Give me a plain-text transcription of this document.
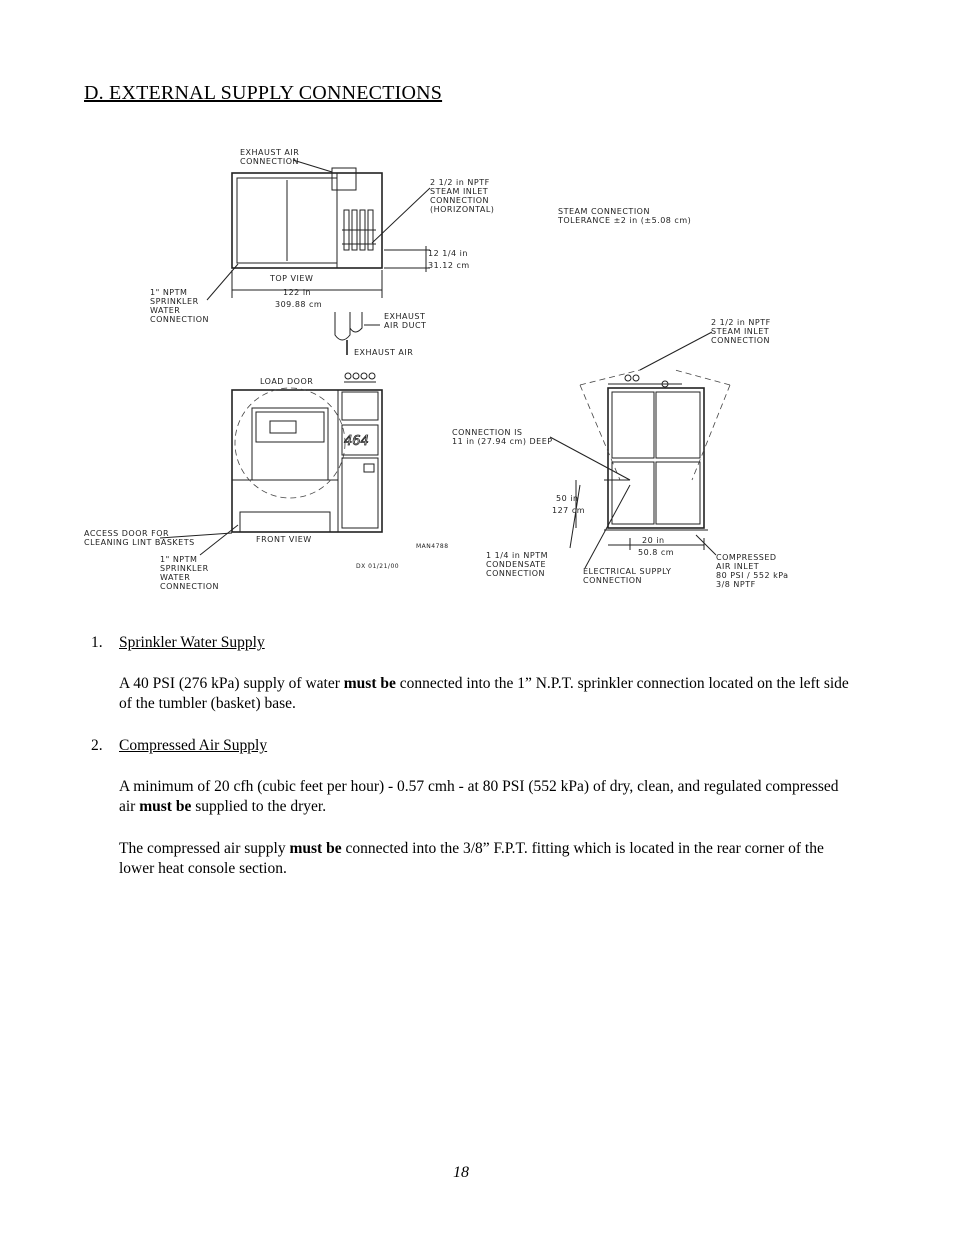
D. EXTERNAL SUPPLY CONNECTIONS
EXHAUST AIR CONNECTION
2 1/2 in NPTF STEAM INLET CONNECTION (HORIZONTAL)	STEAM CONNECTION TOLERANCE ±2 in (±5.08 cm)
12 1/4 in 31.12 cm
TOP VIEW
122 in 309.88 cm
1" NPTM SPRINKLER WATER CONNECTION	EXHAUST AIR DUCT
EXHAUST AIR
LOAD DOOR
464
FRONT VIEW
ACCESS DOOR FOR CLEANING LINT BASKETS
1" NPTM SPRINKLER WATER CONNECTION
MAN4788
DX 01/21/00
2 1/2 in NPTF STEAM INLET CONNECTION
CONNECTION IS 11 in (27.94 cm) DEEP
50 in 127 cm
20 in 50.8 cm
1 1/4 in NPTM CONDENSATE CONNECTION	ELECTRICAL SUPPLY CONNECTION
COMPRESSED AIR INLET 80 PSI / 552 kPa 3/8 NPTF
1. Sprinkler Water Supply
A 40 PSI (276 kPa) supply of water must be connected into the 1” N.P.T. sprinkler connection located on the left side of the tumbler (basket) base.
2. Compressed Air Supply
A minimum of 20 cfh (cubic feet per hour) - 0.57 cmh - at 80 PSI (552 kPa) of dry, clean, and regulated compressed air must be supplied to the dryer.
The compressed air supply must be connected into the 3/8” F.P.T. fitting which is located in the rear corner of the lower heat console section.
18
